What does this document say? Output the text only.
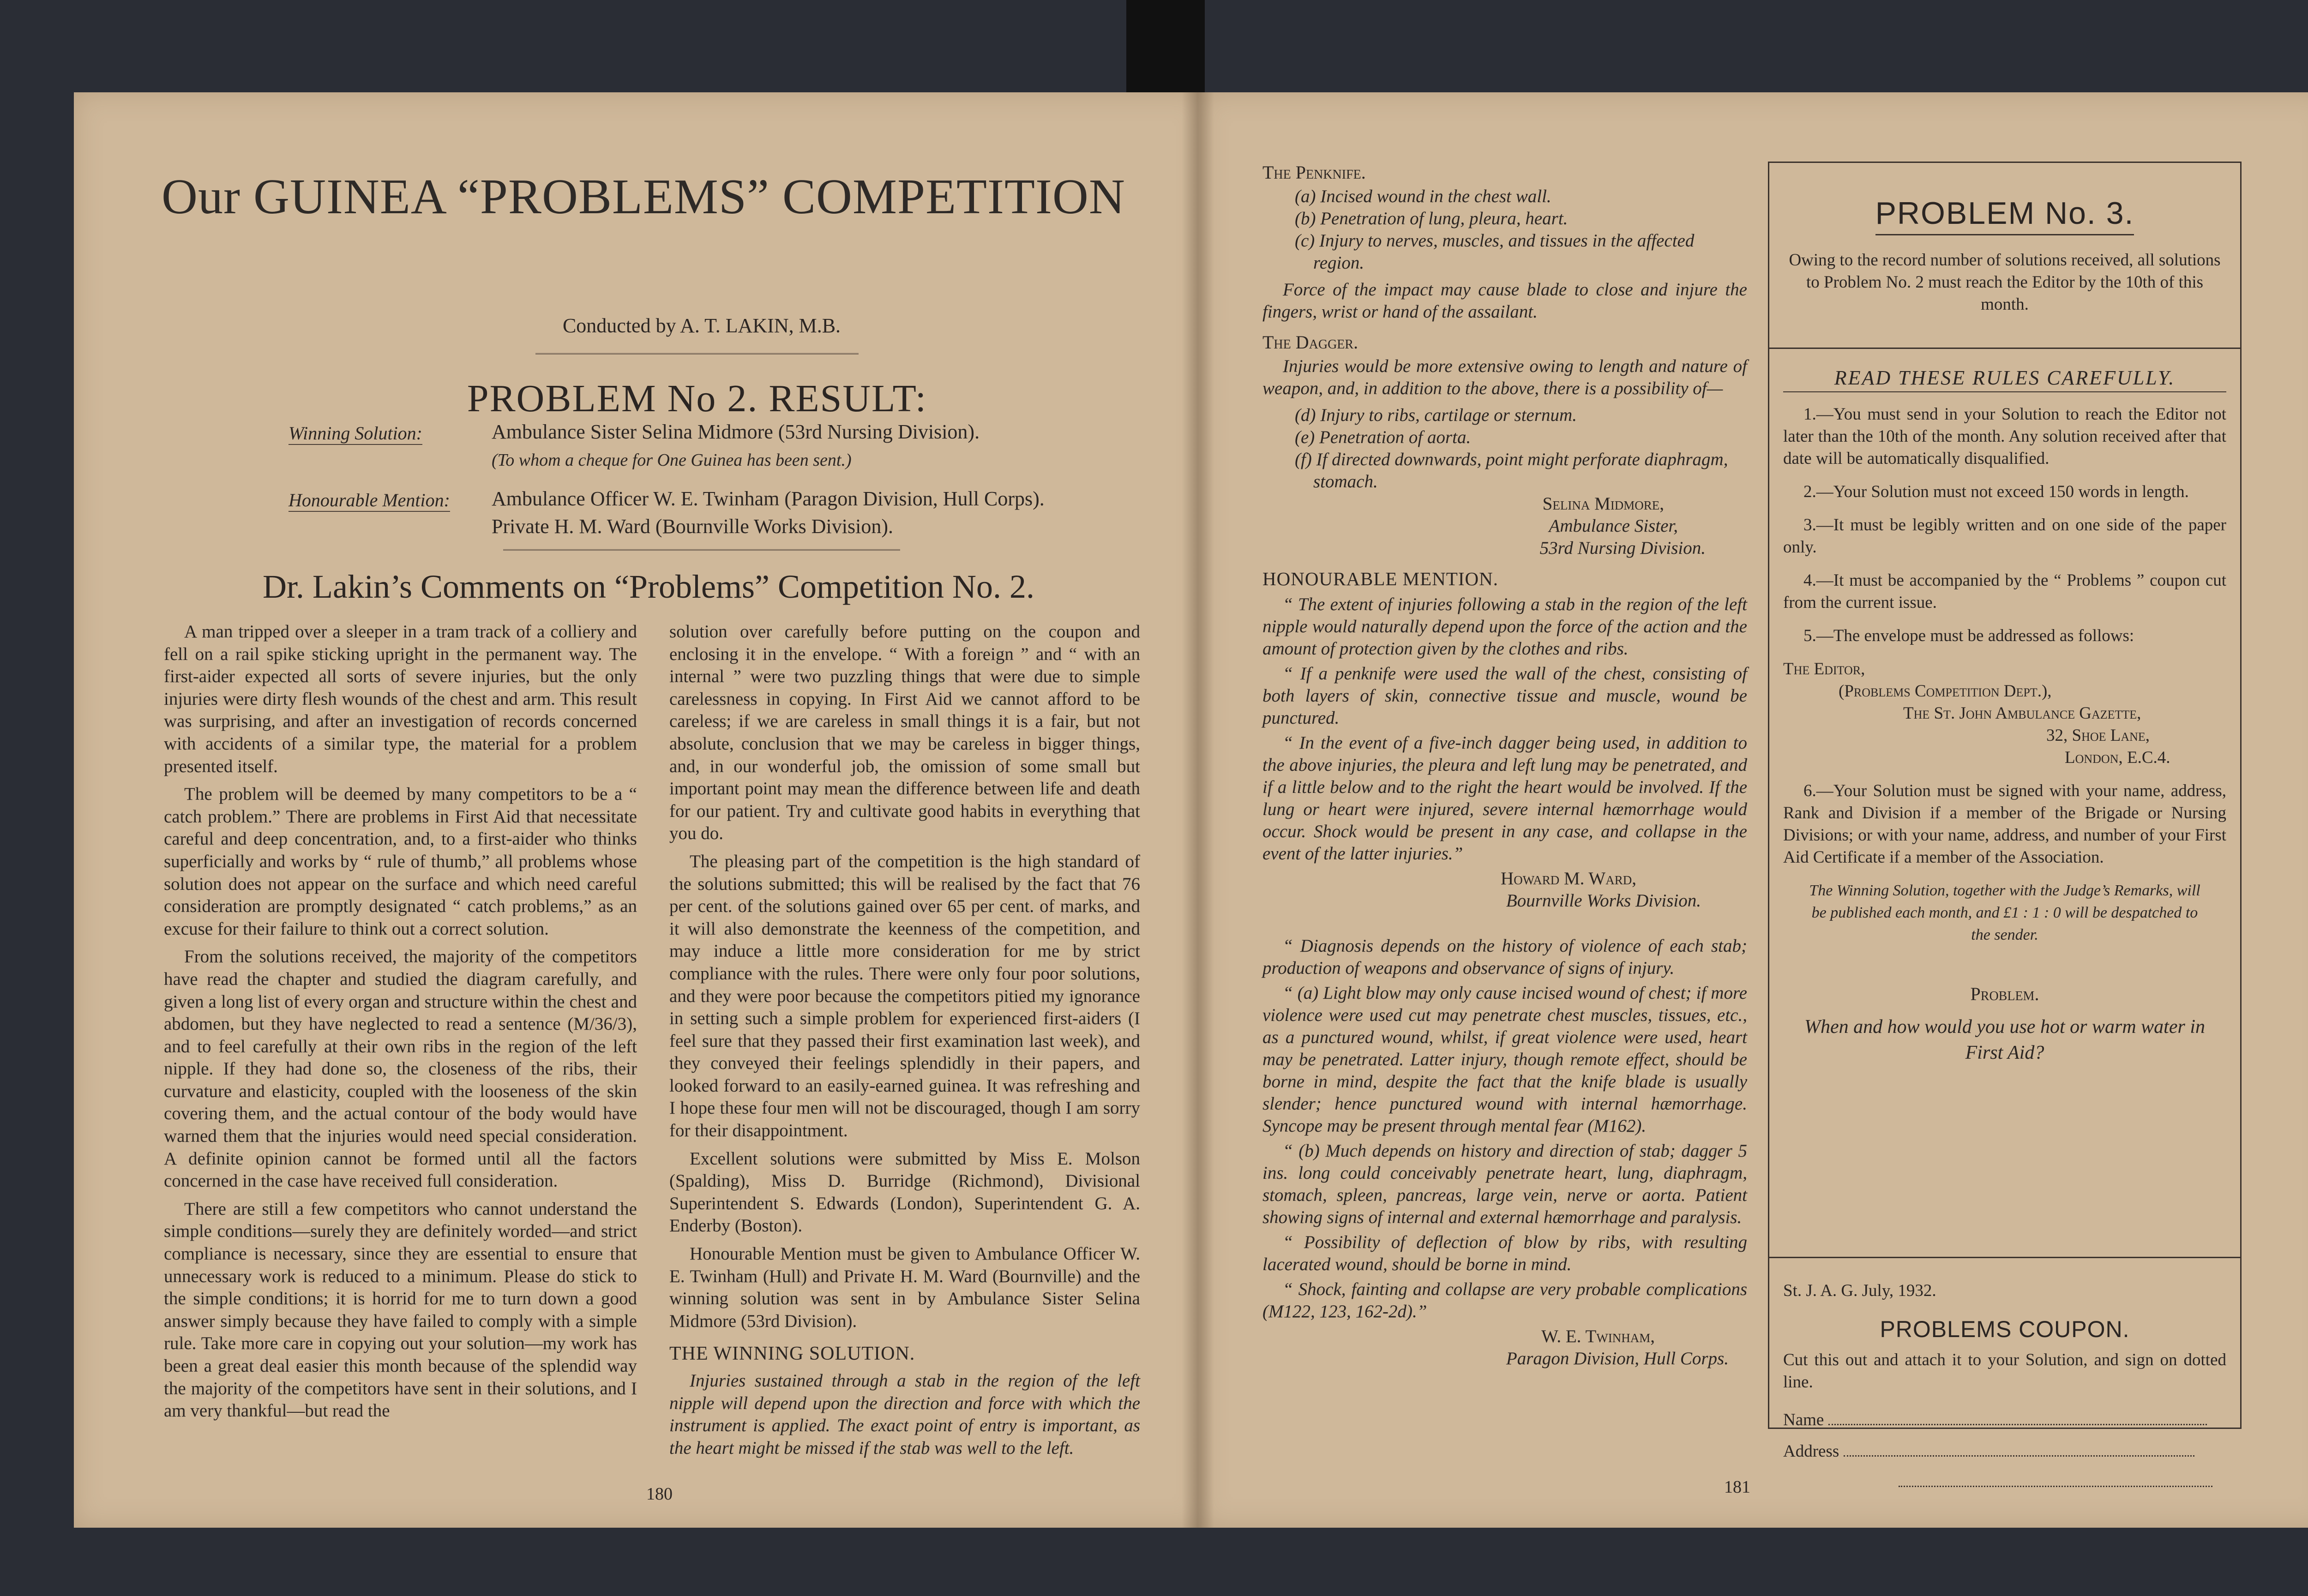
Our GUINEA “PROBLEMS” COMPETITION
Conducted by A. T. LAKIN, M.B.
PROBLEM No 2. RESULT:
Winning Solution:	Ambulance Sister Selina Midmore (53rd Nursing Division).
(To whom a cheque for One Guinea has been sent.)
Honourable Mention: Ambulance Officer W. E. Twinham (Paragon Division, Hull Corps).
Private H. M. Ward (Bournville Works Division).
Dr. Lakin’s Comments on “Problems” Competition No. 2.

A man tripped over a sleeper in a tram track of a colliery and fell on a rail spike sticking upright in the permanent way. The first-aider expected all sorts of severe injuries, but the only injuries were dirty flesh wounds of the chest and arm. This result was surprising, and after an investigation of records concerned with accidents of a similar type, the material for a problem presented itself.

The problem will be deemed by many competitors to be a “ catch problem.” There are problems in First Aid that necessitate careful and deep concentration, and, to a first-aider who thinks superficially and works by “ rule of thumb,” all problems whose solution does not appear on the surface and which need careful consideration are promptly designated “ catch problems,” as an excuse for their failure to think out a correct solution.

From the solutions received, the majority of the competitors have read the chapter and studied the diagram carefully, and given a long list of every organ and structure within the chest and abdomen, but they have neglected to read a sentence (M/36/3), and to feel carefully at their own ribs in the region of the left nipple. If they had done so, the closeness of the ribs, their curvature and elasticity, coupled with the looseness of the skin covering them, and the actual contour of the body would have warned them that the injuries would need special consideration. A definite opinion cannot be formed until all the factors concerned in the case have received full consideration.

There are still a few competitors who cannot understand the simple conditions—surely they are definitely worded—and strict compliance is necessary, since they are essential to ensure that unnecessary work is reduced to a minimum. Please do stick to the simple conditions; it is horrid for me to turn down a good answer simply because they have failed to comply with a simple rule. Take more care in copying out your solution—my work has been a great deal easier this month because of the splendid way the majority of the competitors have sent in their solutions, and I am very thankful—but read the

solution over carefully before putting on the coupon and enclosing it in the envelope. “ With a foreign ” and “ with an internal ” were two puzzling things that were due to simple carelessness in copying. In First Aid we cannot afford to be careless; if we are careless in small things it is a fair, but not absolute, conclusion that we may be careless in bigger things, and, in our wonderful job, the omission of some small but important point may mean the difference between life and death for our patient. Try and cultivate good habits in everything that you do.

The pleasing part of the competition is the high standard of the solutions submitted; this will be realised by the fact that 76 per cent. of the solutions gained over 65 per cent. of marks, and it will also demonstrate the keenness of the competition, and may induce a little more consideration for me by strict compliance with the rules. There were only four poor solutions, and they were poor because the competitors pitied my ignorance in setting such a simple problem for experienced first-aiders (I feel sure that they passed their first examination last week), and they conveyed their feelings splendidly in their papers, and looked forward to an easily-earned guinea. It was refreshing and I hope these four men will not be discouraged, though I am sorry for their disappointment.

Excellent solutions were submitted by Miss E. Molson (Spalding), Miss D. Burridge (Richmond), Divisional Superintendent S. Edwards (London), Superintendent G. A. Enderby (Boston).

Honourable Mention must be given to Ambulance Officer W. E. Twinham (Hull) and Private H. M. Ward (Bournville) and the winning solution was sent in by Ambulance Sister Selina Midmore (53rd Division).

THE WINNING SOLUTION.

Injuries sustained through a stab in the region of the left nipple will depend upon the direction and force with which the instrument is applied. The exact point of entry is important, as the heart might be missed if the stab was well to the left.

180
The Penknife.
(a) Incised wound in the chest wall.
(b) Penetration of lung, pleura, heart.
(c) Injury to nerves, muscles, and tissues in the affected region.
Force of the impact may cause blade to close and injure the fingers, wrist or hand of the assailant.
The Dagger.
Injuries would be more extensive owing to length and nature of weapon, and, in addition to the above, there is a possibility of—
(d) Injury to ribs, cartilage or sternum.
(e) Penetration of aorta.
(f) If directed downwards, point might perforate diaphragm, stomach.
Selina Midmore,
Ambulance Sister,
53rd Nursing Division.
HONOURABLE MENTION.
“ The extent of injuries following a stab in the region of the left nipple would naturally depend upon the force of the action and the amount of protection given by the clothes and ribs.
“ If a penknife were used the wall of the chest, consisting of both layers of skin, connective tissue and muscle, wound be punctured.
“ In the event of a five-inch dagger being used, in addition to the above injuries, the pleura and left lung may be penetrated, and if a little below and to the right the heart would be involved. If the lung or heart were injured, severe internal hæmorrhage would occur. Shock would be present in any case, and collapse in the event of the latter injuries.”
Howard M. Ward,
Bournville Works Division.
“ Diagnosis depends on the history of violence of each stab; production of weapons and observance of signs of injury.
“ (a) Light blow may only cause incised wound of chest; if more violence were used cut may penetrate chest muscles, tissues, etc., as a punctured wound, whilst, if great violence were used, heart may be penetrated. Latter injury, though remote effect, should be borne in mind, despite the fact that the knife blade is usually slender; hence punctured wound with internal hæmorrhage. Syncope may be present through mental fear (M162).
“ (b) Much depends on history and direction of stab; dagger 5 ins. long could conceivably penetrate heart, lung, diaphragm, stomach, spleen, pancreas, large vein, nerve or aorta. Patient showing signs of internal and external hæmorrhage and paralysis.
“ Possibility of deflection of blow by ribs, with resulting lacerated wound, should be borne in mind.
“ Shock, fainting and collapse are very probable complications (M122, 123, 162-2d).”
W. E. Twinham,
Paragon Division, Hull Corps.
181
PROBLEM No. 3.
Owing to the record number of solutions received, all solutions to Problem No. 2 must reach the Editor by the 10th of this month.
READ THESE RULES CAREFULLY.
1.—You must send in your Solution to reach the Editor not later than the 10th of the month. Any solution received after that date will be automatically disqualified.
2.—Your Solution must not exceed 150 words in length.
3.—It must be legibly written and on one side of the paper only.
4.—It must be accompanied by the “ Problems ” coupon cut from the current issue.
5.—The envelope must be addressed as follows:
The Editor,
(Problems Competition Dept.),
The St. John Ambulance Gazette,
32, Shoe Lane,
London, E.C.4.
6.—Your Solution must be signed with your name, address, Rank and Division if a member of the Brigade or Nursing Divisions; or with your name, address, and number of your First Aid Certificate if a member of the Association.
The Winning Solution, together with the Judge’s Remarks, will be published each month, and £1 : 1 : 0 will be despatched to the sender.
Problem.
When and how would you use hot or warm water in First Aid?
St. J. A. G. July, 1932.
PROBLEMS COUPON.
Cut this out and attach it to your Solution, and sign on dotted line.
Name
Address
